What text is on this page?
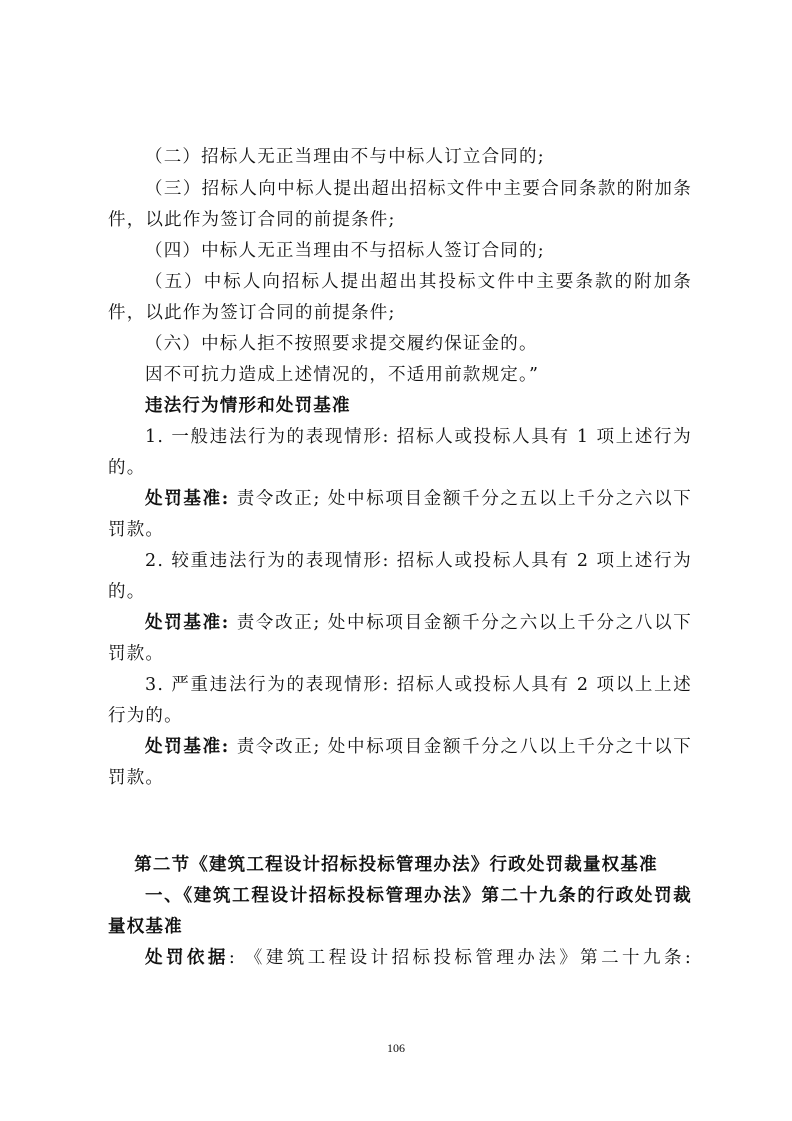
（二）招标人无正当理由不与中标人订立合同的;
（三）招标人向中标人提出超出招标文件中主要合同条款的附加条
件，以此作为签订合同的前提条件;
（四）中标人无正当理由不与招标人签订合同的;
（五）中标人向招标人提出超出其投标文件中主要条款的附加条
件，以此作为签订合同的前提条件;
（六）中标人拒不按照要求提交履约保证金的。
因不可抗力造成上述情况的，不适用前款规定。”
违法行为情形和处罚基准
1. 一般违法行为的表现情形: 招标人或投标人具有 1 项上述行为
的。
处罚基准: 责令改正; 处中标项目金额千分之五以上千分之六以下
罚款。
2. 较重违法行为的表现情形: 招标人或投标人具有 2 项上述行为
的。
处罚基准: 责令改正; 处中标项目金额千分之六以上千分之八以下
罚款。
3. 严重违法行为的表现情形: 招标人或投标人具有 2 项以上上述
行为的。
处罚基准: 责令改正; 处中标项目金额千分之八以上千分之十以下
罚款。
第二节《建筑工程设计招标投标管理办法》行政处罚裁量权基准
一、《建筑工程设计招标投标管理办法》第二十九条的行政处罚裁
量权基准
处罚依据: 《建筑工程设计招标投标管理办法》第二十九条:
106
